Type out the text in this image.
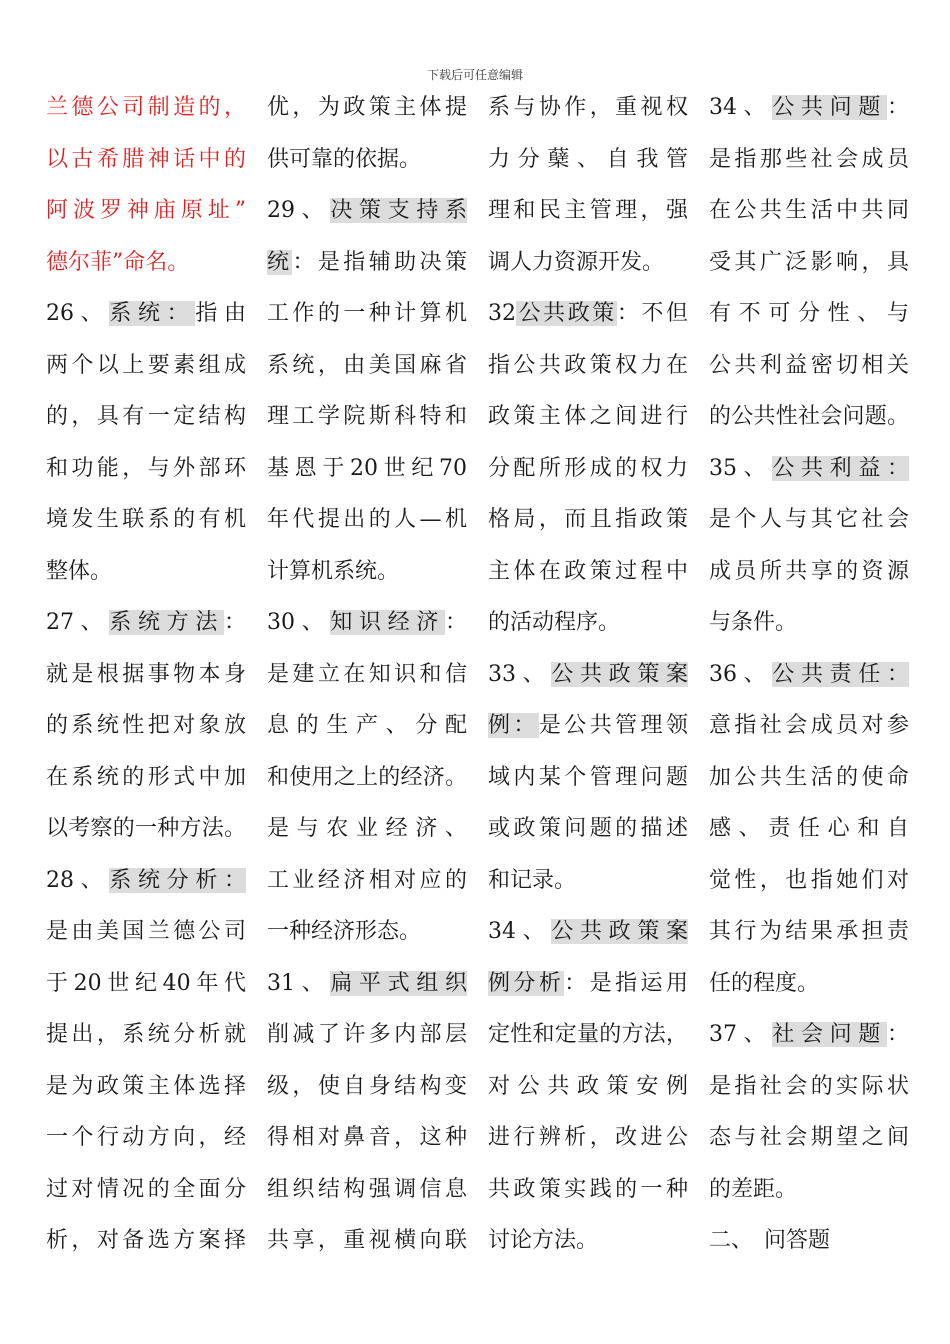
下载后可任意编辑
兰德公司制造的，
以古希腊神话中的
阿波罗神庙原址”
德尔菲”命名。
26、系统：指由
两个以上要素组成
的，具有一定结构
和功能，与外部环
境发生联系的有机
整体。
27、系统方法：
就是根据事物本身
的系统性把对象放
在系统的形式中加
以考察的一种方法。
28、系统分析：
是由美国兰德公司
于20世纪40年代
提出，系统分析就
是为政策主体选择
一个行动方向，经
过对情况的全面分
析，对备选方案择
优，为政策主体提
供可靠的依据。
29、决策支持系
统：是指辅助决策
工作的一种计算机
系统，由美国麻省
理工学院斯科特和
基恩于20世纪70
年代提出的人—机
计算机系统。
30、知识经济：
是建立在知识和信
息的生产、分配
和使用之上的经济。
是与农业经济、
工业经济相对应的
一种经济形态。
31、扁平式组织
削减了许多内部层
级，使自身结构变
得相对鼻音，这种
组织结构强调信息
共享，重视横向联
系与协作，重视权
力分蘖、自我管
理和民主管理，强
调人力资源开发。
32公共政策：不但
指公共政策权力在
政策主体之间进行
分配所形成的权力
格局，而且指政策
主体在政策过程中
的活动程序。
33、公共政策案
例：是公共管理领
域内某个管理问题
或政策问题的描述
和记录。
34、公共政策案
例分析：是指运用
定性和定量的方法，
对公共政策安例
进行辨析，改进公
共政策实践的一种
讨论方法。
34、公共问题：
是指那些社会成员
在公共生活中共同
受其广泛影响，具
有不可分性、与
公共利益密切相关
的公共性社会问题。
35、公共利益：
是个人与其它社会
成员所共享的资源
与条件。
36、公共责任：
意指社会成员对参
加公共生活的使命
感、责任心和自
觉性，也指她们对
其行为结果承担责
任的程度。
37、社会问题：
是指社会的实际状
态与社会期望之间
的差距。
二、　问答题
